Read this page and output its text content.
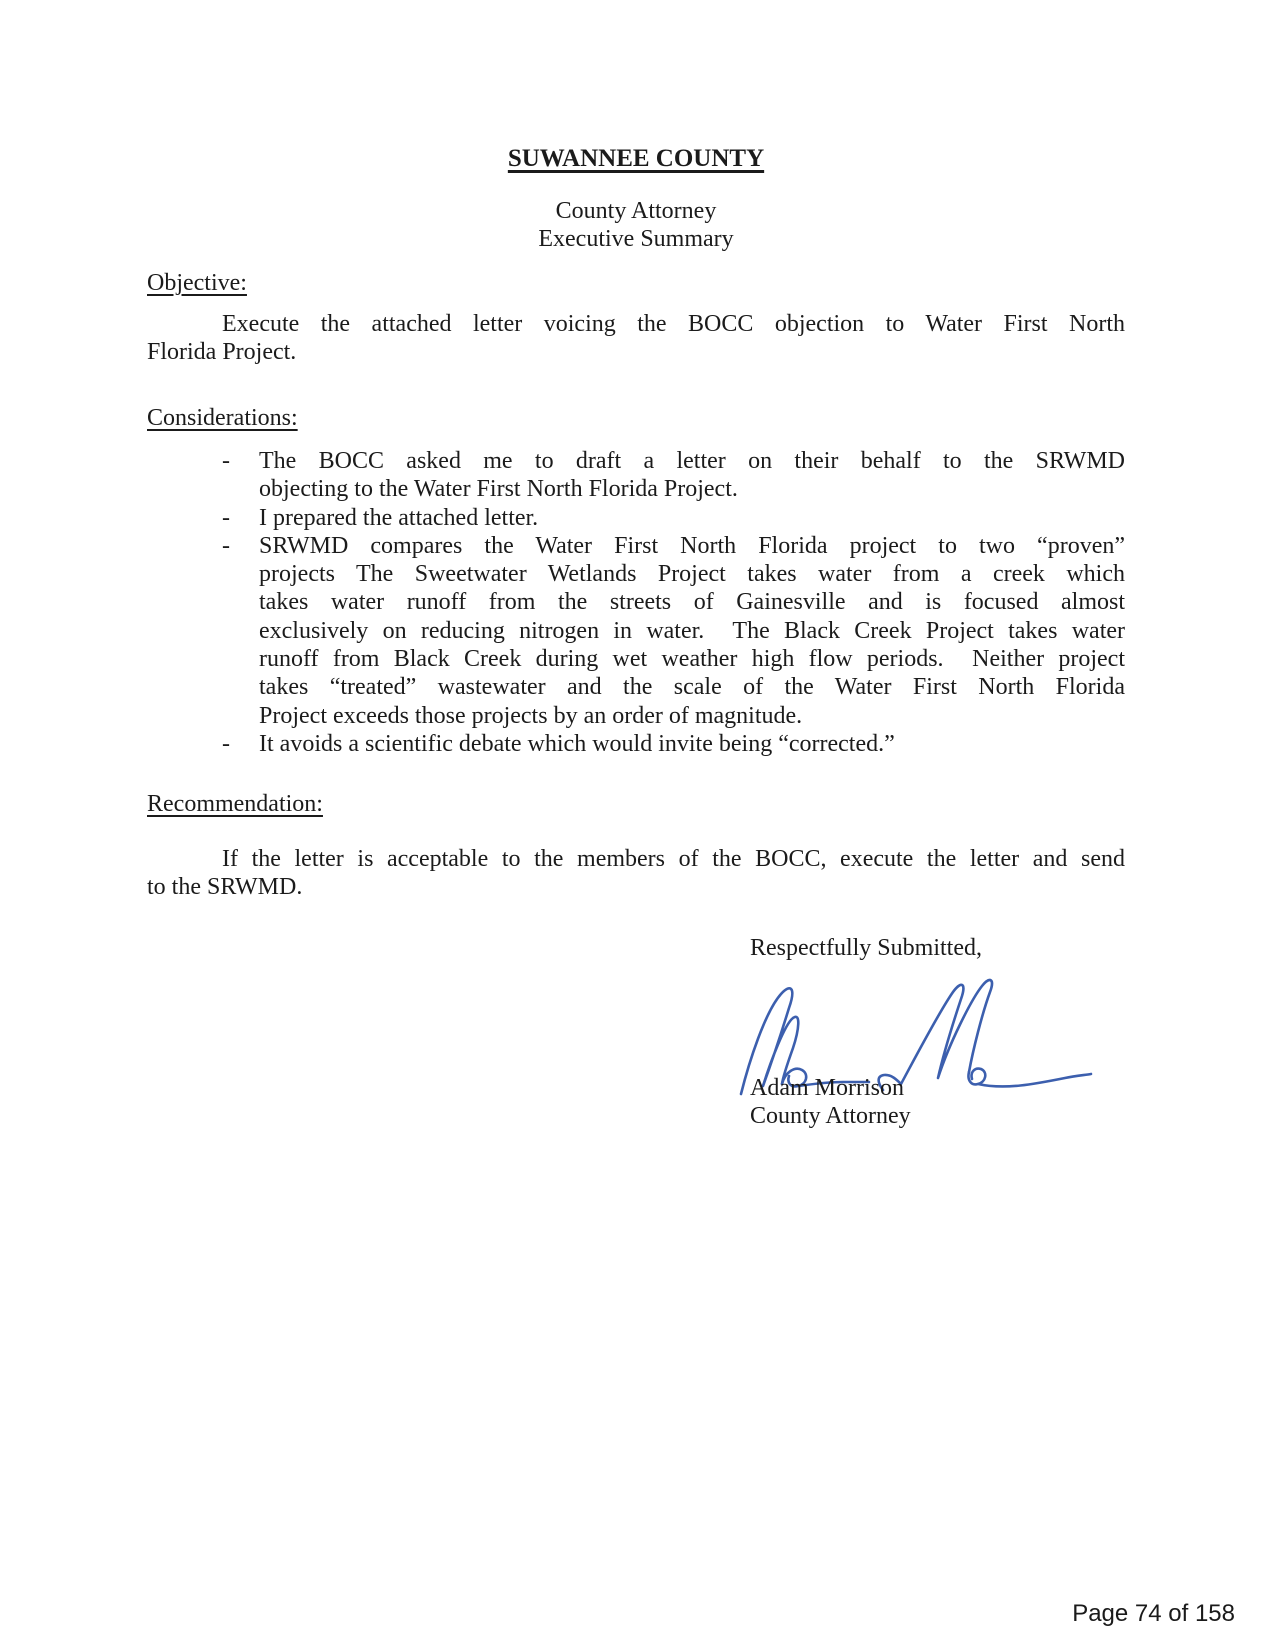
SUWANNEE COUNTY
County Attorney
Executive Summary
Objective:
Execute the attached letter voicing the BOCC objection to Water First North
Florida Project.
Considerations:
-	The BOCC asked me to draft a letter on their behalf to the SRWMD
objecting to the Water First North Florida Project.
-	I prepared the attached letter.
-	SRWMD compares the Water First North Florida project to two “proven”
projects The Sweetwater Wetlands Project takes water from a creek which
takes water runoff from the streets of Gainesville and is focused almost
exclusively on reducing nitrogen in water.  The Black Creek Project takes water
runoff from Black Creek during wet weather high flow periods.  Neither project
takes “treated” wastewater and the scale of the Water First North Florida
Project exceeds those projects by an order of magnitude.
-	It avoids a scientific debate which would invite being “corrected.”
Recommendation:
If the letter is acceptable to the members of the BOCC, execute the letter and send
to the SRWMD.
Respectfully Submitted,
Adam Morrison
County Attorney
Page 74 of 158
